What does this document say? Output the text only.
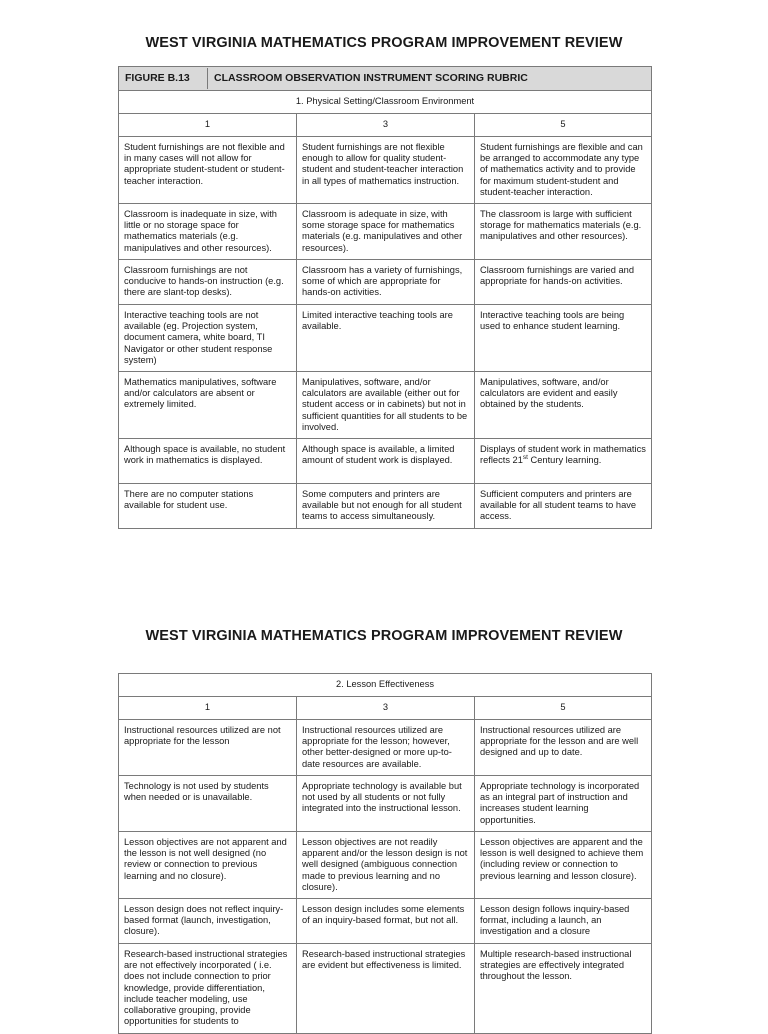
WEST VIRGINIA MATHEMATICS PROGRAM IMPROVEMENT REVIEW
FIGURE B.13 CLASSROOM OBSERVATION INSTRUMENT SCORING RUBRIC		

1. Physical Setting/Classroom Environment		
1	3	5
Student furnishings are not flexible and in many cases will not allow for appropriate student-student or student-teacher interaction.	Student furnishings are not flexible enough to allow for quality student-student and student-teacher interaction in all types of mathematics instruction.	Student furnishings are flexible and can be arranged to accommodate any type of mathematics activity and to provide for maximum student-student and student-teacher interaction.
Classroom is inadequate in size, with little or no storage space for mathematics materials (e.g. manipulatives and other resources).	Classroom is adequate in size, with some storage space for mathematics materials (e.g. manipulatives and other resources).	The classroom is large with sufficient storage for mathematics materials (e.g. manipulatives and other resources).
Classroom furnishings are not conducive to hands-on instruction (e.g. there are slant-top desks).	Classroom has a variety of furnishings, some of which are appropriate for hands-on activities.	Classroom furnishings are varied and appropriate for hands-on activities.
Interactive teaching tools are not available (eg. Projection system, document camera, white board, TI Navigator or other student response system)	Limited interactive teaching tools are available.	Interactive teaching tools are being used to enhance student learning.
Mathematics manipulatives, software and/or calculators are absent or extremely limited.	Manipulatives, software, and/or calculators are available (either out for student access or in cabinets) but not in sufficient quantities for all students to be involved.	Manipulatives, software, and/or calculators are evident and easily obtained by the students.
Although space is available, no student work in mathematics is displayed.	Although space is available, a limited amount of student work is displayed.	Displays of student work in mathematics reflects 21st Century learning.
There are no computer stations available for student use.	Some computers and printers are available but not enough for all student teams to access simultaneously.	Sufficient computers and printers are available for all student teams to have access.
WEST VIRGINIA MATHEMATICS PROGRAM IMPROVEMENT REVIEW
2. Lesson Effectiveness		
1	3	5
Instructional resources utilized are not appropriate for the lesson	Instructional resources utilized are appropriate for the lesson; however, other better-designed or more up-to-date resources are available.	Instructional resources utilized are appropriate for the lesson and are well designed and up to date.
Technology is not used by students when needed or is unavailable.	Appropriate technology is available but not used by all students or not fully integrated into the instructional lesson.	Appropriate technology is incorporated as an integral part of instruction and increases student learning opportunities.
Lesson objectives are not apparent and the lesson is not well designed (no review or connection to previous learning and no closure).	Lesson objectives are not readily apparent and/or the lesson design is not well designed (ambiguous connection made to previous learning and no closure).	Lesson objectives are apparent and the lesson is well designed to achieve them (including review or connection to previous learning and lesson closure).
Lesson design does not reflect inquiry-based format (launch, investigation, closure).	Lesson design includes some elements of an inquiry-based format, but not all.	Lesson design follows inquiry-based format, including a launch, an investigation and a closure
Research-based instructional strategies are not effectively incorporated ( i.e. does not include connection to prior knowledge, provide differentiation, include teacher modeling, use collaborative grouping, provide opportunities for students to	Research-based instructional strategies are evident but effectiveness is limited.	Multiple research-based instructional strategies are effectively integrated throughout the lesson.
